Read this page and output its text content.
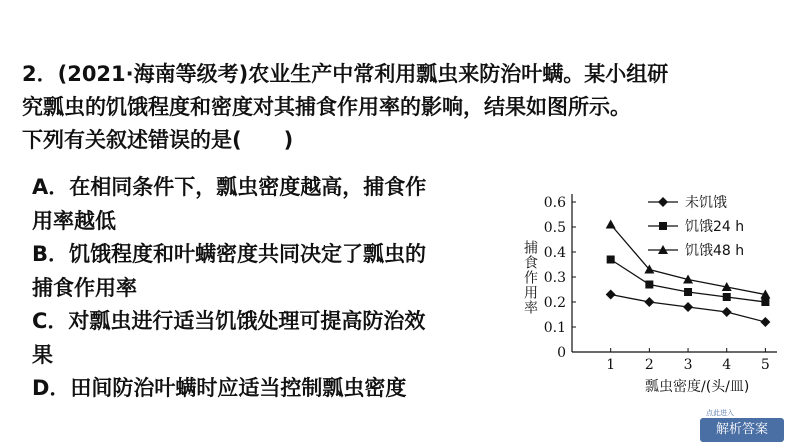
2．(2021·海南等级考)农业生产中常利用瓢虫来防治叶螨。某小组研
究瓢虫的饥饿程度和密度对其捕食作用率的影响，结果如图所示。
下列有关叙述错误的是(　　)
A．在相同条件下，瓢虫密度越高，捕食作
用率越低
B．饥饿程度和叶螨密度共同决定了瓢虫的
捕食作用率
C．对瓢虫进行适当饥饿处理可提高防治效
果
D．田间防治叶螨时应适当控制瓢虫密度
0
0.1
0.2
0.3
0.4
0.5
0.6
1 2 3 4 5
未饥饿
饥饿24 h
饥饿48 h
捕食作用率
瓢虫密度/(头/皿)
点此进入
解析答案
